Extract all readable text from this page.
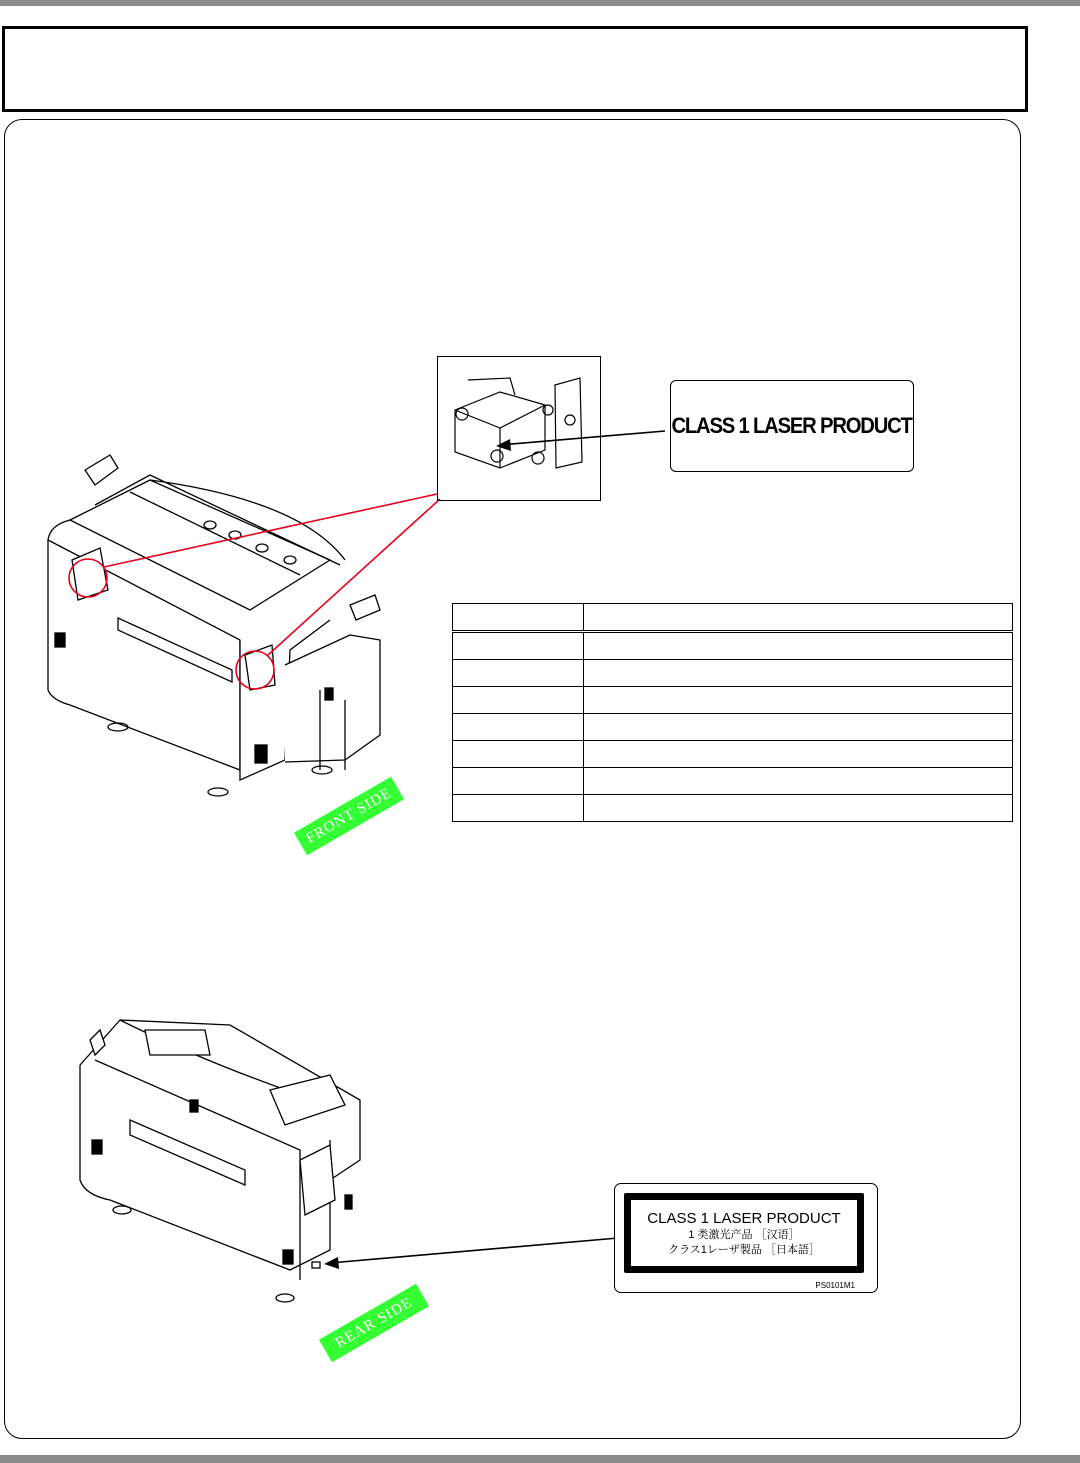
CLASS 1 LASER PRODUCT

FRONT SIDE
REAR SIDE
CLASS 1 LASER PRODUCT
1 类激光产品 ［汉语］
クラス1レーザ製品 ［日本語］
PS0101M1
